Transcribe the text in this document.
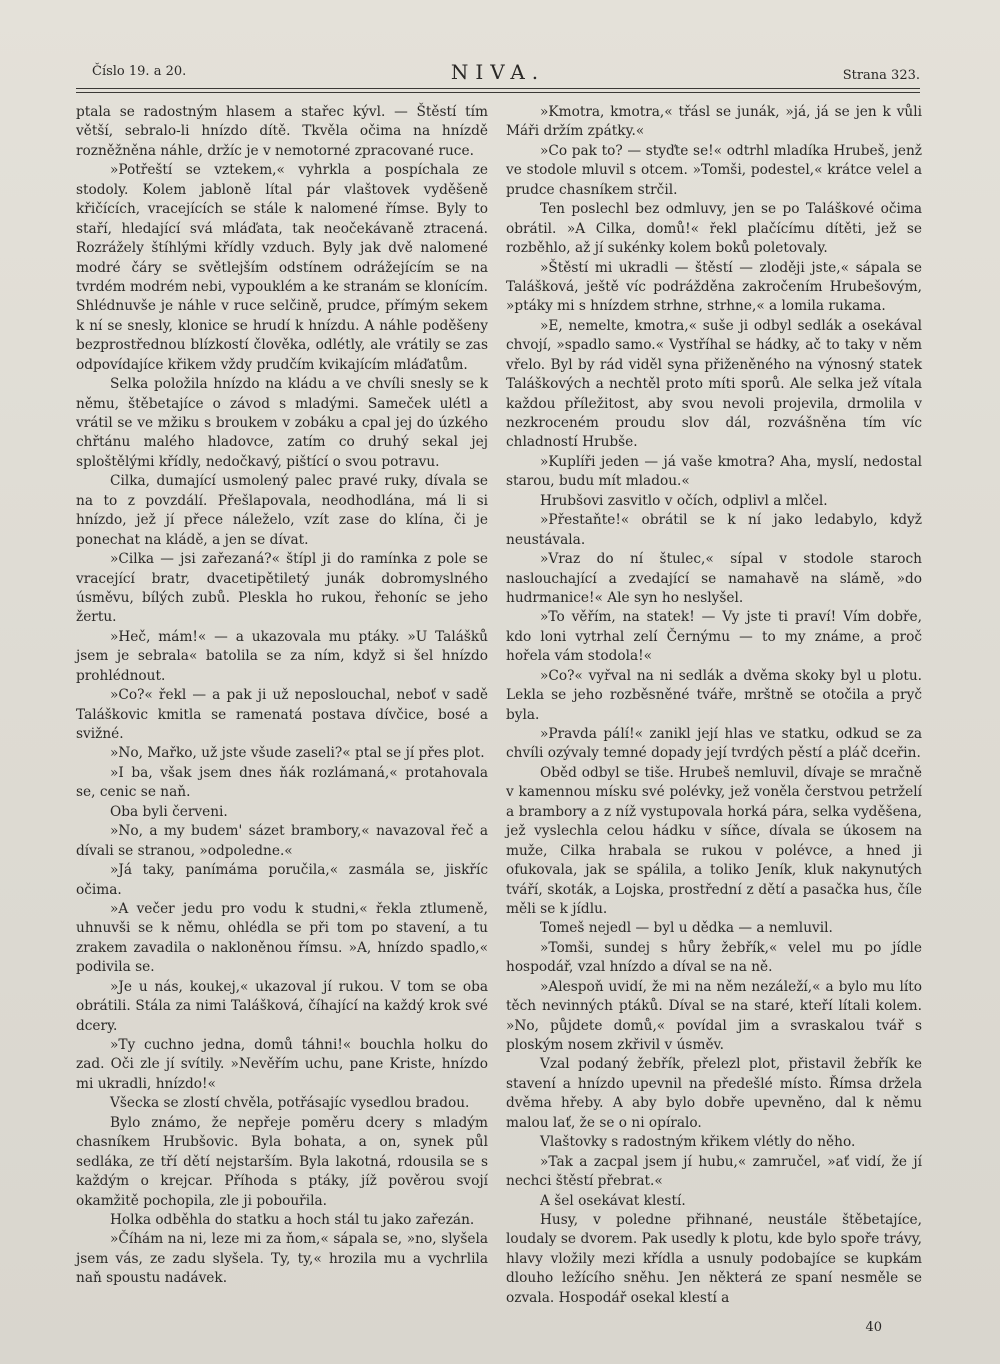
Číslo 19. a 20.	NIVA.	Strana 323.

ptala se radostným hlasem a stařec kývl. — Štěstí tím větší, sebralo-li hnízdo dítě. Tkvěla očima na hnízdě rozněžněna náhle, držíc je v nemotorné zpracované ruce.

»Potřeští se vztekem,« vyhrkla a pospíchala ze stodoly. Kolem jabloně lítal pár vlaštovek vyděšeně křičících, vracejících se stále k nalomené římse. Byly to staří, hledající svá mláďata, tak neočekávaně ztracená. Rozrážely štíhlými křídly vzduch. Byly jak dvě nalomené modré čáry se světlejším odstínem odrážejícím se na tvrdém modrém nebi, vypouklém a ke stranám se klonícím. Shlédnuvše je náhle v ruce selčině, prudce, přímým sekem k ní se snesly, klonice se hrudí k hnízdu. A náhle poděšeny bezprostřednou blízkostí člověka, odlétly, ale vrátily se zas odpovídajíce křikem vždy prudčím kvikajícím mláďatům.

Selka položila hnízdo na kládu a ve chvíli snesly se k němu, štěbetajíce o závod s mladými. Sameček ulétl a vrátil se ve mžiku s broukem v zobáku a cpal jej do úzkého chřtánu malého hladovce, zatím co druhý sekal jej sploštělými křídly, nedočkavý, pištící o svou potravu.

Cilka, dumající usmolený palec pravé ruky, dívala se na to z povzdálí. Přešlapovala, neodhodlána, má li si hnízdo, jež jí přece náleželo, vzít zase do klína, či je ponechat na kládě, a jen se dívat.

»Cilka — jsi zařezaná?« štípl ji do ramínka z pole se vracející bratr, dvacetipětiletý junák dobromyslného úsměvu, bílých zubů. Pleskla ho rukou, řehoníc se jeho žertu.

»Heč, mám!« — a ukazovala mu ptáky. »U Talášků jsem je sebrala« batolila se za ním, když si šel hnízdo prohlédnout.

»Co?« řekl — a pak ji už neposlouchal, neboť v sadě Taláškovic kmitla se ramenatá postava dívčice, bosé a svižné.

»No, Mařko, už jste všude zaseli?« ptal se jí přes plot.

»I ba, však jsem dnes ňák rozlámaná,« protahovala se, cenic se naň.

Oba byli červeni.

»No, a my budem' sázet brambory,« navazoval řeč a dívali se stranou, »odpoledne.«

»Já taky, panímáma poručila,« zasmála se, jiskříc očima.

»A večer jedu pro vodu k studni,« řekla ztlumeně, uhnuvši se k němu, ohlédla se při tom po stavení, a tu zrakem zavadila o nakloněnou římsu. »A, hnízdo spadlo,« podivila se.

»Je u nás, koukej,« ukazoval jí rukou. V tom se oba obrátili. Stála za nimi Talášková, číhající na každý krok své dcery.

»Ty cuchno jedna, domů táhni!« bouchla holku do zad. Oči zle jí svítily. »Nevěřím uchu, pane Kriste, hnízdo mi ukradli, hnízdo!«

Všecka se zlostí chvěla, potřásajíc vysedlou bradou.

Bylo známo, že nepřeje poměru dcery s mladým chasníkem Hrubšovic. Byla bohata, a on, synek půl sedláka, ze tří dětí nejstarším. Byla lakotná, rdousila se s každým o krejcar. Příhoda s ptáky, jíž pověrou svojí okamžitě pochopila, zle ji pobouřila.

Holka odběhla do statku a hoch stál tu jako zařezán.

»Číhám na ni, leze mi za ňom,« sápala se, »no, slyšela jsem vás, ze zadu slyšela. Ty, ty,« hrozila mu a vychrlila naň spoustu nadávek.

»Kmotra, kmotra,« třásl se junák, »já, já se jen k vůli Máři držím zpátky.«

»Co pak to? — styďte se!« odtrhl mladíka Hrubeš, jenž ve stodole mluvil s otcem. »Tomši, podestel,« krátce velel a prudce chasníkem strčil.

Ten poslechl bez odmluvy, jen se po Taláškové očima obrátil. »A Cilka, domů!« řekl plačícímu dítěti, jež se rozběhlo, až jí sukénky kolem boků poletovaly.

»Štěstí mi ukradli — štěstí — zloději jste,« sápala se Talášková, ještě víc podrážděna zakročením Hrubešovým, »ptáky mi s hnízdem strhne, strhne,« a lomila rukama.

»E, nemelte, kmotra,« suše ji odbyl sedlák a osekával chvojí, »spadlo samo.« Vystříhal se hádky, ač to taky v něm vřelo. Byl by rád viděl syna přiženěného na výnosný statek Taláškových a nechtěl proto míti sporů. Ale selka jež vítala každou příležitost, aby svou nevoli projevila, drmolila v nezkroceném proudu slov dál, rozvášněna tím víc chladností Hrubše.

»Kuplíři jeden — já vaše kmotra? Aha, myslí, nedostal starou, budu mít mladou.«

Hrubšovi zasvitlo v očích, odplivl a mlčel.

»Přestaňte!« obrátil se k ní jako ledabylo, když neustávala.

»Vraz do ní štulec,« sípal v stodole staroch naslouchající a zvedající se namahavě na slámě, »do hudrmanice!« Ale syn ho neslyšel.

»To věřím, na statek! — Vy jste ti praví! Vím dobře, kdo loni vytrhal zelí Černýmu — to my známe, a proč hořela vám stodola!«

»Co?« vyřval na ni sedlák a dvěma skoky byl u plotu. Lekla se jeho rozběsněné tváře, mrštně se otočila a pryč byla.

»Pravda pálí!« zanikl její hlas ve statku, odkud se za chvíli ozývaly temné dopady její tvrdých pěstí a pláč dceřin.

Oběd odbyl se tiše. Hrubeš nemluvil, dívaje se mračně v kamennou mísku své polévky, jež voněla čerstvou petrželí a brambory a z níž vystupovala horká pára, selka vyděšena, jež vyslechla celou hádku v síňce, dívala se úkosem na muže, Cilka hrabala se rukou v polévce, a hned ji ofukovala, jak se spálila, a toliko Jeník, kluk nakynutých tváří, skoták, a Lojska, prostřední z dětí a pasačka hus, číle měli se k jídlu.

Tomeš nejedl — byl u dědka — a nemluvil.

»Tomši, sundej s hůry žebřík,« velel mu po jídle hospodář, vzal hnízdo a díval se na ně.

»Alespoň uvidí, že mi na něm nezáleží,« a bylo mu líto těch nevinných ptáků. Díval se na staré, kteří lítali kolem. »No, půjdete domů,« povídal jim a svraskalou tvář s ploským nosem zkřivil v úsměv.

Vzal podaný žebřík, přelezl plot, přistavil žebřík ke stavení a hnízdo upevnil na předešlé místo. Římsa držela dvěma hřeby. A aby bylo dobře upevněno, dal k němu malou lať, že se o ni opíralo.

Vlaštovky s radostným křikem vlétly do něho.

»Tak a zacpal jsem jí hubu,« zamručel, »ať vidí, že jí nechci štěstí přebrat.«

A šel osekávat klestí.

Husy, v poledne přihnané, neustále štěbetajíce, loudaly se dvorem. Pak usedly k plotu, kde bylo spoře trávy, hlavy vložily mezi křídla a usnuly podobajíce se kupkám dlouho ležícího sněhu. Jen některá ze spaní nesměle se ozvala. Hospodář osekal klestí a

40
